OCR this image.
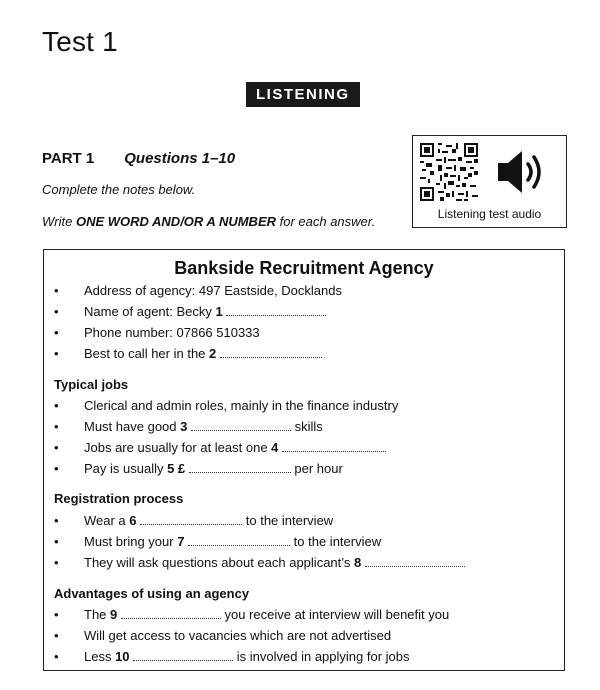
Test 1
LISTENING
PART 1 Questions 1–10
Complete the notes below.
Write ONE WORD AND/OR A NUMBER for each answer.	Listening test audio
Bankside Recruitment Agency
• Address of agency: 497 Eastside, Docklands
• Name of agent: Becky 1
• Phone number: 07866 510333
• Best to call her in the 2
Typical jobs
• Clerical and admin roles, mainly in the finance industry
• Must have good 3	skills
• Jobs are usually for at least one 4
• Pay is usually 5 £	per hour
Registration process
• Wear a 6	to the interview
• Must bring your 7	to the interview
• They will ask questions about each applicant’s 8
Advantages of using an agency
• The 9	you receive at interview will benefit you
• Will get access to vacancies which are not advertised
• Less 10	is involved in applying for jobs
